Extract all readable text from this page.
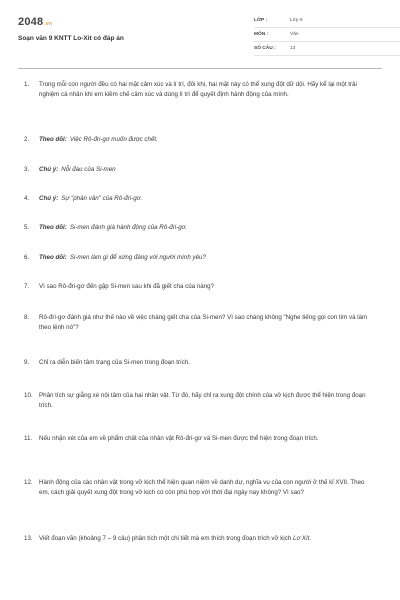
2048.vn
Soạn văn 9 KNTT Lo-Xit có đáp án
LỚP :	Lớp 9
MÔN :	Văn
SỐ CÂU :	13
1.	Trong mỗi con người đều có hai mặt cảm xúc và lí trí, đôi khi, hai mặt này có thể xung đột dữ dội. Hãy kể lại một trải nghiệm cá nhân khi em kiềm chế cảm xúc và dùng lí trí để quyết định hành động của mình.
2.	Theo dõi: Việc Rô-đri-gơ muốn được chết.
3.	Chú ý: Nỗi đau của Si-men
4.	Chú ý: Sự "phân vân" của Rô-đri-gơ.
5.	Theo dõi: Si-men đánh giá hành động của Rô-đri-gơ.
6.	Theo dõi: Si-men làm gì để xứng đáng với người mình yêu?
7.	Vì sao Rô-đri-gơ đến gặp Si-men sau khi đã giết cha của nàng?
8.	Rô-đri-gơ đánh giá như thế nào về việc chàng giết cha của Si-men? Vì sao chàng không "Nghe tiếng gọi con tim và làm theo lệnh nó"?
9.	Chỉ ra diễn biến tâm trạng của Si-men trong đoạn trích.
10.	Phân tích sự giằng xé nội tâm của hai nhân vật. Từ đó, hãy chỉ ra xung đột chính của vở kịch được thể hiện trong đoạn trích.
11.	Nếu nhận xét của em về phẩm chất của nhân vật Rô-đri-gơ và Si-men được thể hiện trong đoạn trích.
12.	Hành động của các nhân vật trong vở kịch thể hiện quan niệm về danh dự, nghĩa vụ của con người ở thế kỉ XVII. Theo em, cách giải quyết xung đột trong vở kịch có còn phù hợp với thời đại ngày nay không? Vì sao?
13.	Viết đoạn văn (khoảng 7 – 9 câu) phân tích một chi tiết mà em thích trong đoạn trích vở kịch Lơ Xít.
